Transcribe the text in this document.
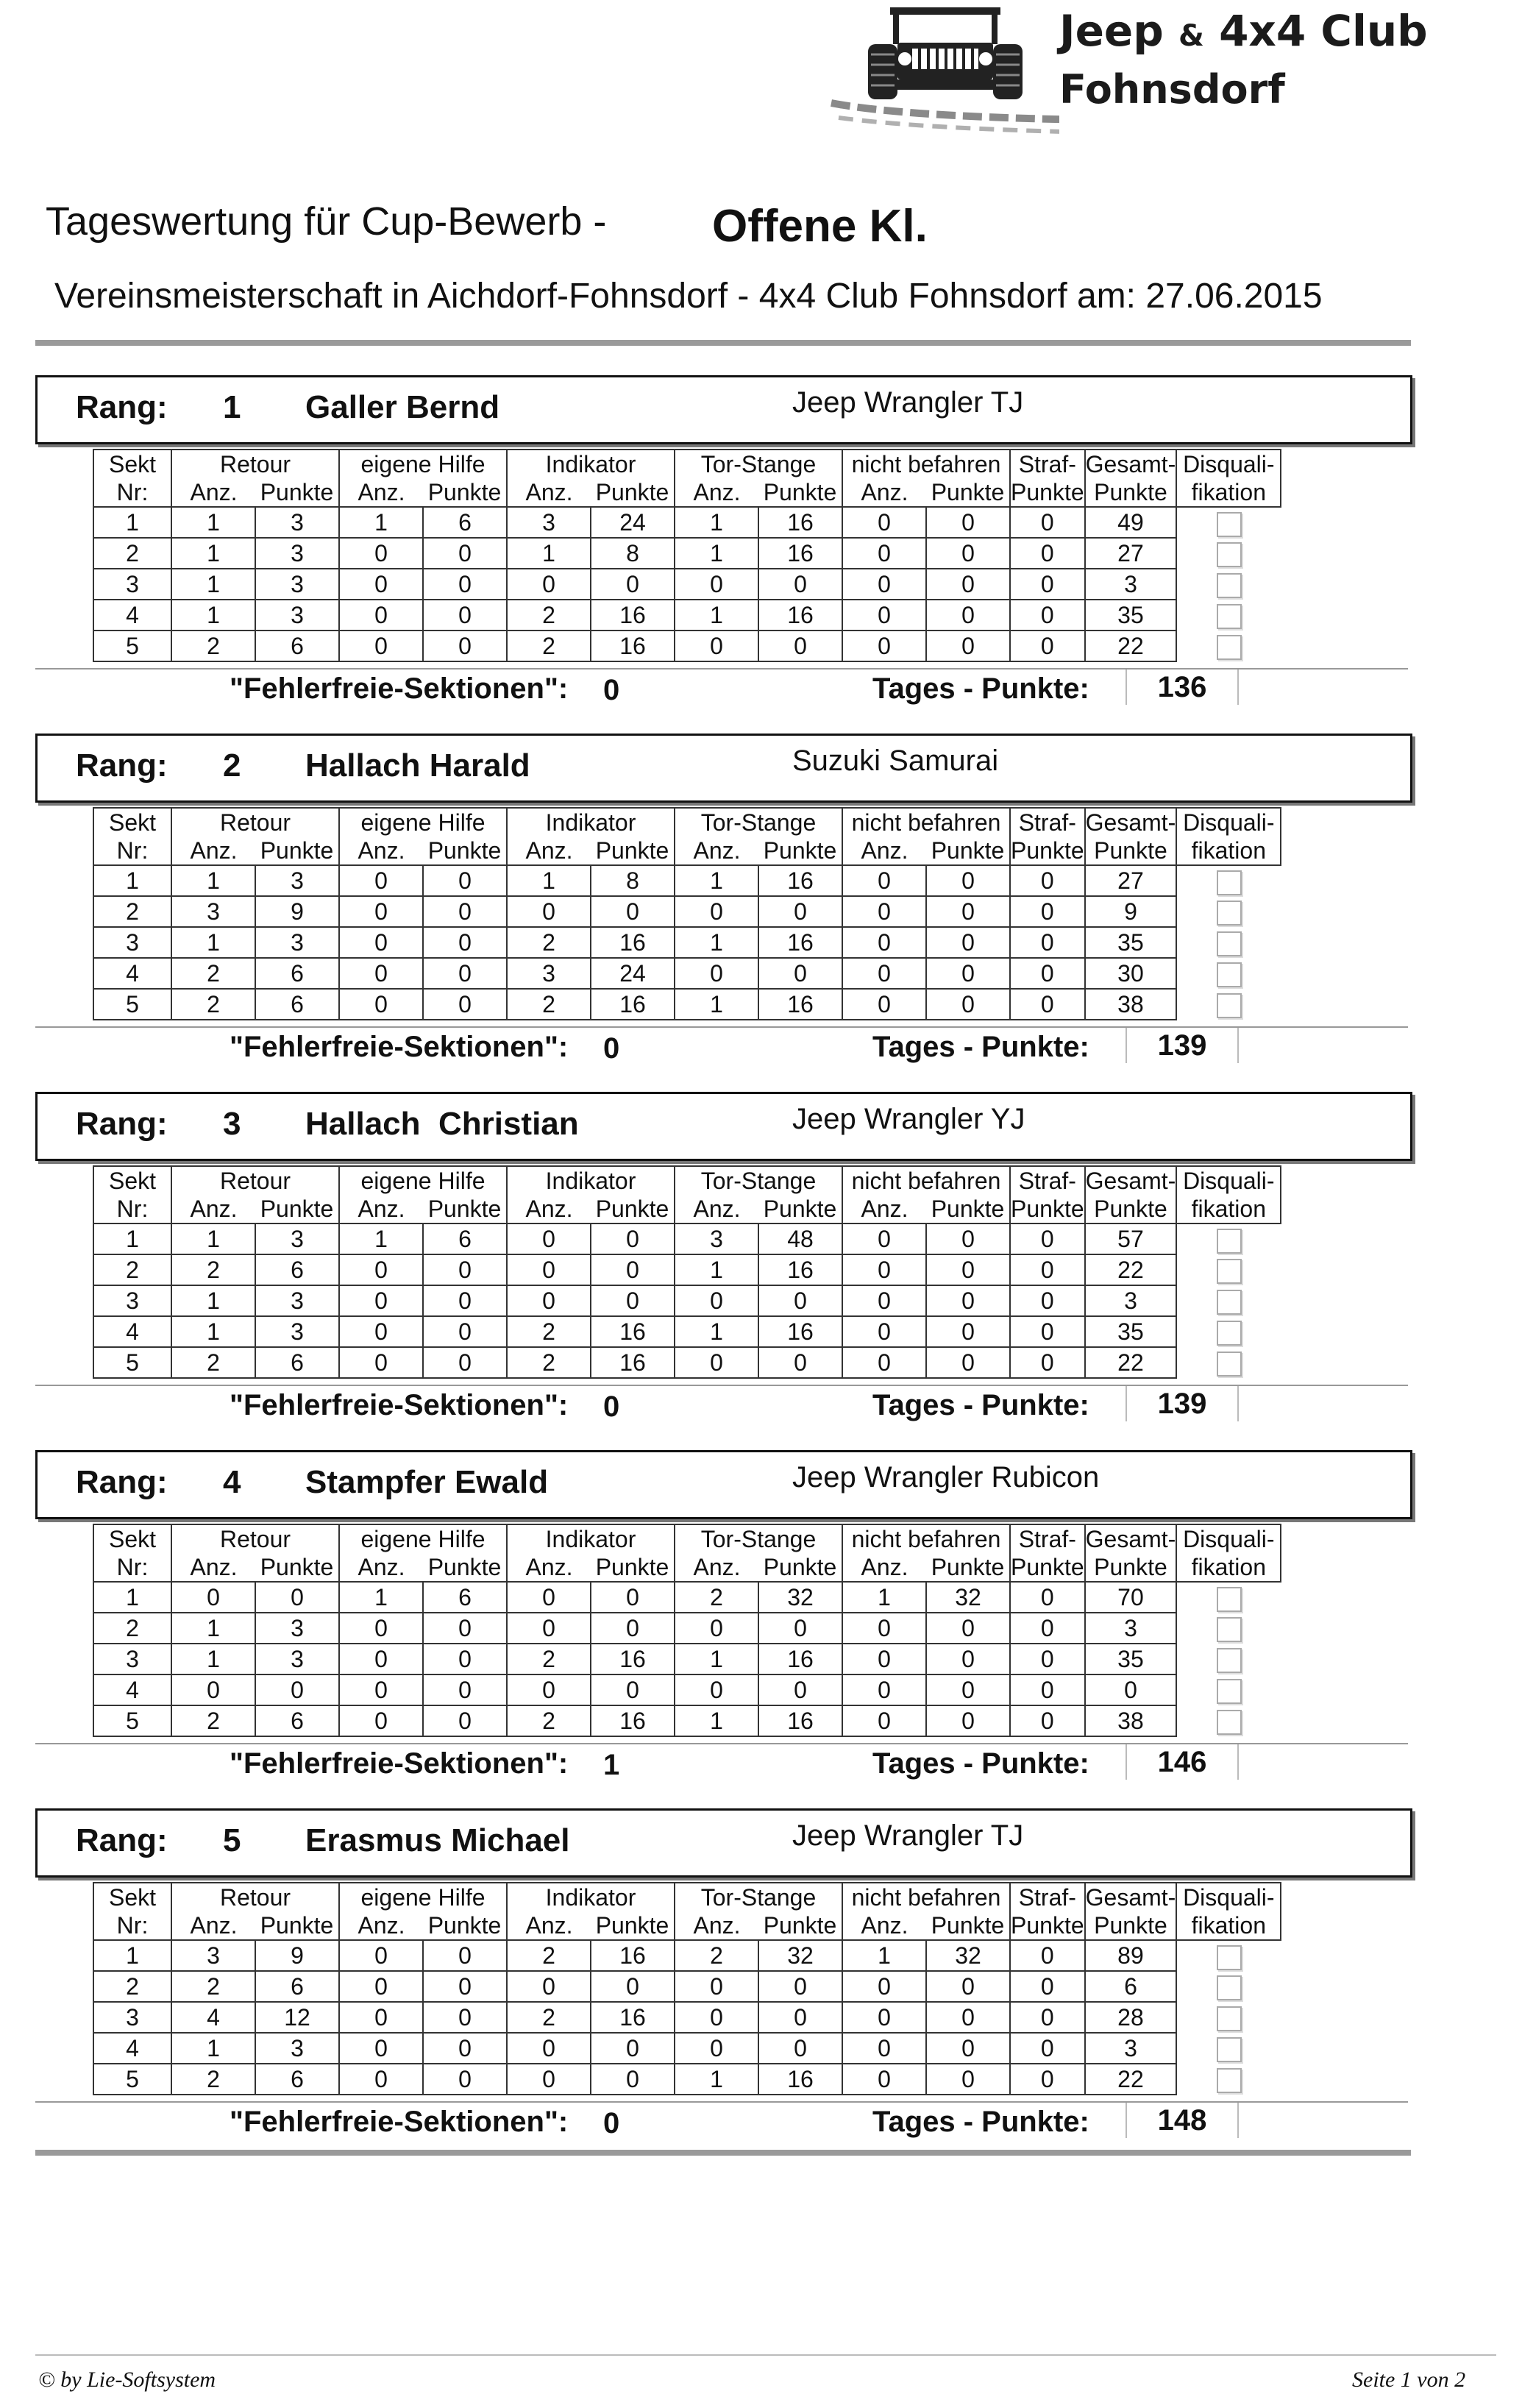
Jeep & 4x4 Club
Fohnsdorf
Tageswertung für Cup-Bewerb - Offene Kl.
Vereinsmeisterschaft in Aichdorf-Fohnsdorf - 4x4 Club Fohnsdorf am: 27.06.2015
Rang: 1 Galler Bernd	Jeep Wrangler TJ
Sekt	Retour		eigene Hilfe		Indikator		Tor-Stange		nicht befahren		Straf-	Gesamt-	Disquali-
Nr:	Anz.	Punkte	Anz.	Punkte	Anz.	Punkte	Anz.	Punkte	Anz.	Punkte	Punkte	Punkte	fikation
1	1	3	1	6	3	24	1	16	0	0	0	49	
2	1	3	0	0	1	8	1	16	0	0	0	27	
3	1	3	0	0	0	0	0	0	0	0	0	3	
4	1	3	0	0	2	16	1	16	0	0	0	35	
5	2	6	0	0	2	16	0	0	0	0	0	22	
"Fehlerfreie-Sektionen": 0	Tages - Punkte:	136
Rang: 2 Hallach Harald	Suzuki Samurai
Sekt	Retour		eigene Hilfe		Indikator		Tor-Stange		nicht befahren		Straf-	Gesamt-	Disquali-
Nr:	Anz.	Punkte	Anz.	Punkte	Anz.	Punkte	Anz.	Punkte	Anz.	Punkte	Punkte	Punkte	fikation
1	1	3	0	0	1	8	1	16	0	0	0	27	
2	3	9	0	0	0	0	0	0	0	0	0	9	
3	1	3	0	0	2	16	1	16	0	0	0	35	
4	2	6	0	0	3	24	0	0	0	0	0	30	
5	2	6	0	0	2	16	1	16	0	0	0	38	
"Fehlerfreie-Sektionen": 0	Tages - Punkte:	139
Rang: 3 Hallach  Christian	Jeep Wrangler YJ
Sekt	Retour		eigene Hilfe		Indikator		Tor-Stange		nicht befahren		Straf-	Gesamt-	Disquali-
Nr:	Anz.	Punkte	Anz.	Punkte	Anz.	Punkte	Anz.	Punkte	Anz.	Punkte	Punkte	Punkte	fikation
1	1	3	1	6	0	0	3	48	0	0	0	57	
2	2	6	0	0	0	0	1	16	0	0	0	22	
3	1	3	0	0	0	0	0	0	0	0	0	3	
4	1	3	0	0	2	16	1	16	0	0	0	35	
5	2	6	0	0	2	16	0	0	0	0	0	22	
"Fehlerfreie-Sektionen": 0	Tages - Punkte:	139
Rang: 4 Stampfer Ewald	Jeep Wrangler Rubicon
Sekt	Retour		eigene Hilfe		Indikator		Tor-Stange		nicht befahren		Straf-	Gesamt-	Disquali-
Nr:	Anz.	Punkte	Anz.	Punkte	Anz.	Punkte	Anz.	Punkte	Anz.	Punkte	Punkte	Punkte	fikation
1	0	0	1	6	0	0	2	32	1	32	0	70	
2	1	3	0	0	0	0	0	0	0	0	0	3	
3	1	3	0	0	2	16	1	16	0	0	0	35	
4	0	0	0	0	0	0	0	0	0	0	0	0	
5	2	6	0	0	2	16	1	16	0	0	0	38	
"Fehlerfreie-Sektionen": 1	Tages - Punkte:	146
Rang: 5 Erasmus Michael	Jeep Wrangler TJ
Sekt	Retour		eigene Hilfe		Indikator		Tor-Stange		nicht befahren		Straf-	Gesamt-	Disquali-
Nr:	Anz.	Punkte	Anz.	Punkte	Anz.	Punkte	Anz.	Punkte	Anz.	Punkte	Punkte	Punkte	fikation
1	3	9	0	0	2	16	2	32	1	32	0	89	
2	2	6	0	0	0	0	0	0	0	0	0	6	
3	4	12	0	0	2	16	0	0	0	0	0	28	
4	1	3	0	0	0	0	0	0	0	0	0	3	
5	2	6	0	0	0	0	1	16	0	0	0	22	
"Fehlerfreie-Sektionen": 0	Tages - Punkte:	148
© by Lie-Softsystem	Seite 1 von 2
